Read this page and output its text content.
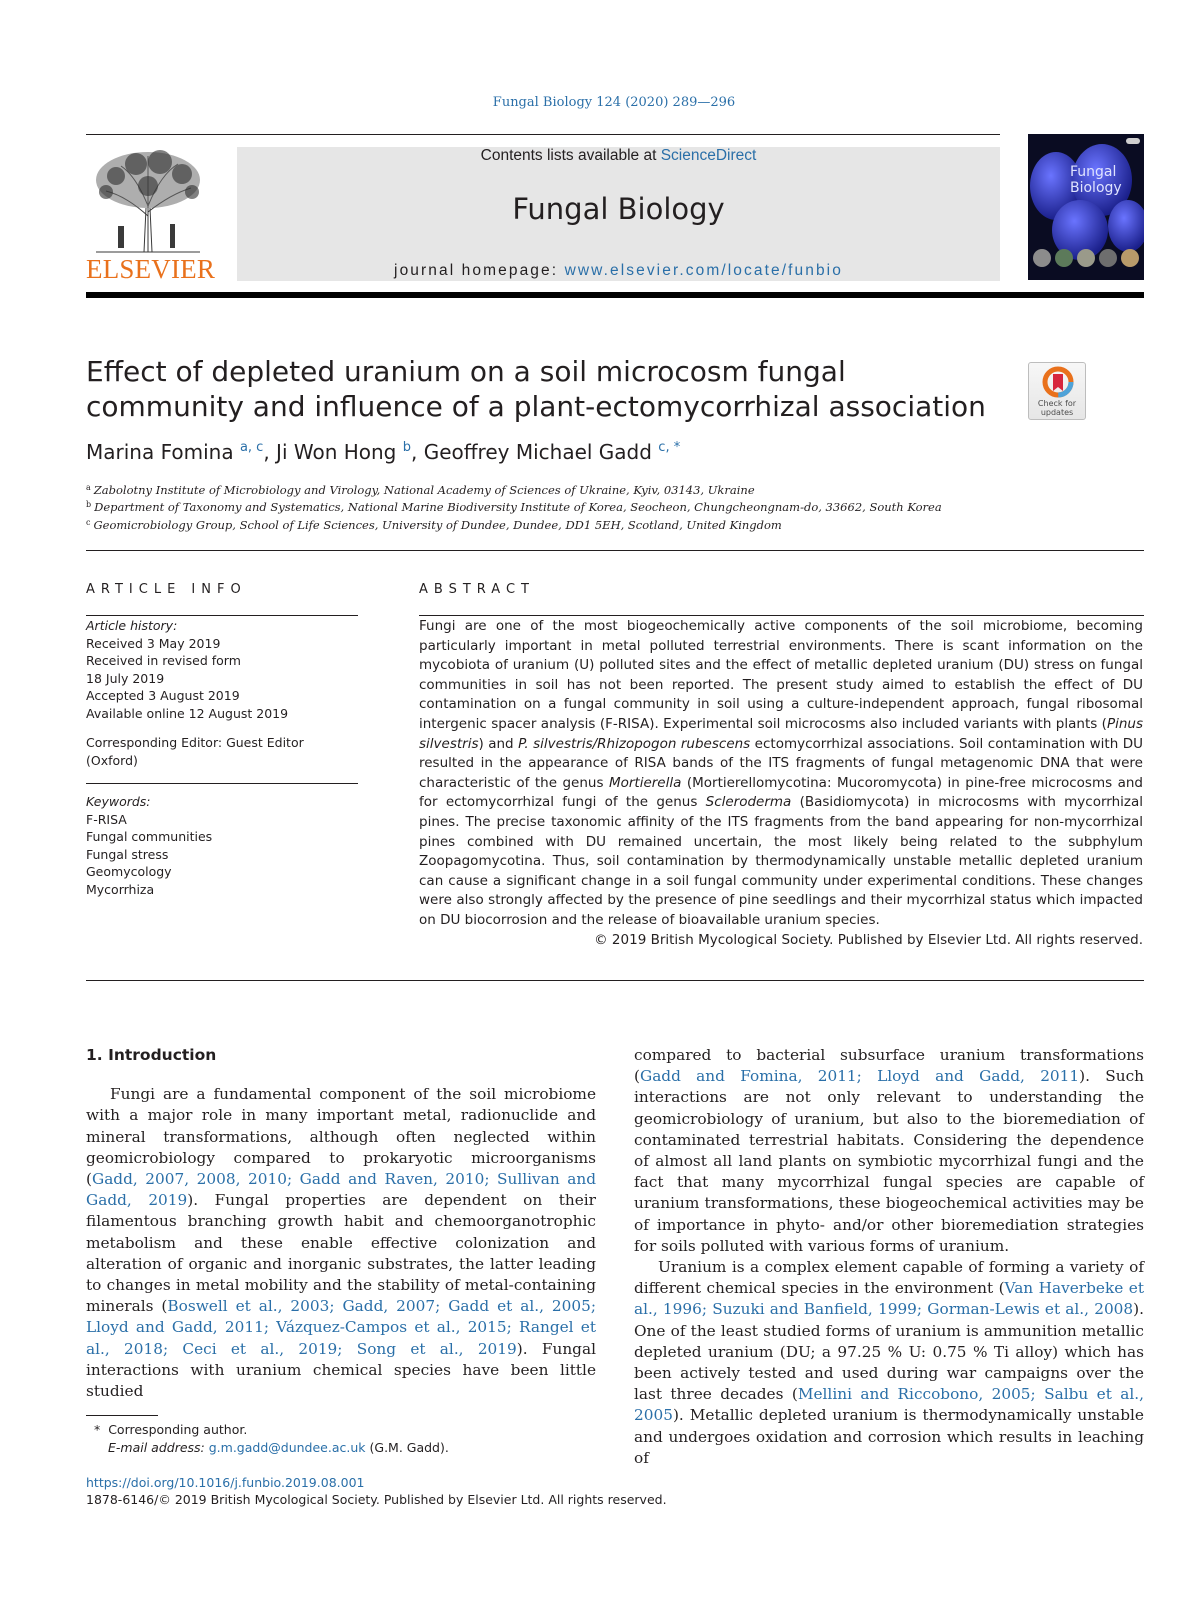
Fungal Biology 124 (2020) 289—296
ELSEVIER
Contents lists available at ScienceDirect
Fungal Biology
journal homepage: www.elsevier.com/locate/funbio
Fungal Biology
Effect of depleted uranium on a soil microcosm fungal community and influence of a plant-ectomycorrhizal association	Check for updates
Marina Fomina $^{a, c}$, Ji Won Hong $^b$, Geoffrey Michael Gadd $^{c, *}$
$^a$ Zabolotny Institute of Microbiology and Virology, National Academy of Sciences of Ukraine, Kyiv, 03143, Ukraine
$^b$ Department of Taxonomy and Systematics, National Marine Biodiversity Institute of Korea, Seocheon, Chungcheongnam-do, 33662, South Korea
$^c$ Geomicrobiology Group, School of Life Sciences, University of Dundee, Dundee, DD1 5EH, Scotland, United Kingdom
ARTICLE INFO
Article history:
Received 3 May 2019
Received in revised form
18 July 2019
Accepted 3 August 2019
Available online 12 August 2019
Corresponding Editor: Guest Editor (Oxford)
Keywords:
F-RISA
Fungal communities
Fungal stress
Geomycology
Mycorrhiza
ABSTRACT

Fungi are one of the most biogeochemically active components of the soil microbiome, becoming particularly important in metal polluted terrestrial environments. There is scant information on the mycobiota of uranium (U) polluted sites and the effect of metallic depleted uranium (DU) stress on fungal communities in soil has not been reported. The present study aimed to establish the effect of DU contamination on a fungal community in soil using a culture-independent approach, fungal ribosomal intergenic spacer analysis (F-RISA). Experimental soil microcosms also included variants with plants (Pinus silvestris) and P. silvestris/Rhizopogon rubescens ectomycorrhizal associations. Soil contamination with DU resulted in the appearance of RISA bands of the ITS fragments of fungal metagenomic DNA that were characteristic of the genus Mortierella (Mortierellomycotina: Mucoromycota) in pine-free microcosms and for ectomycorrhizal fungi of the genus Scleroderma (Basidiomycota) in microcosms with mycorrhizal pines. The precise taxonomic affinity of the ITS fragments from the band appearing for non-mycorrhizal pines combined with DU remained uncertain, the most likely being related to the subphylum Zoopagomycotina. Thus, soil contamination by thermodynamically unstable metallic depleted uranium can cause a significant change in a soil fungal community under experimental conditions. These changes were also strongly affected by the presence of pine seedlings and their mycorrhizal status which impacted on DU biocorrosion and the release of bioavailable uranium species.

© 2019 British Mycological Society. Published by Elsevier Ltd. All rights reserved.

1. Introduction

Fungi are a fundamental component of the soil microbiome with a major role in many important metal, radionuclide and mineral transformations, although often neglected within geomicrobiology compared to prokaryotic microorganisms (Gadd, 2007, 2008, 2010; Gadd and Raven, 2010; Sullivan and Gadd, 2019). Fungal properties are dependent on their filamentous branching growth habit and chemoorganotrophic metabolism and these enable effective colonization and alteration of organic and inorganic substrates, the latter leading to changes in metal mobility and the stability of metal-containing minerals (Boswell et al., 2003; Gadd, 2007; Gadd et al., 2005; Lloyd and Gadd, 2011; Vázquez-Campos et al., 2015; Rangel et al., 2018; Ceci et al., 2019; Song et al., 2019). Fungal interactions with uranium chemical species have been little studied

compared to bacterial subsurface uranium transformations (Gadd and Fomina, 2011; Lloyd and Gadd, 2011). Such interactions are not only relevant to understanding the geomicrobiology of uranium, but also to the bioremediation of contaminated terrestrial habitats. Considering the dependence of almost all land plants on symbiotic mycorrhizal fungi and the fact that many mycorrhizal fungal species are capable of uranium transformations, these biogeochemical activities may be of importance in phyto- and/or other bioremediation strategies for soils polluted with various forms of uranium.

Uranium is a complex element capable of forming a variety of different chemical species in the environment (Van Haverbeke et al., 1996; Suzuki and Banfield, 1999; Gorman-Lewis et al., 2008). One of the least studied forms of uranium is ammunition metallic depleted uranium (DU; a 97.25 % U: 0.75 % Ti alloy) which has been actively tested and used during war campaigns over the last three decades (Mellini and Riccobono, 2005; Salbu et al., 2005). Metallic depleted uranium is thermodynamically unstable and undergoes oxidation and corrosion which results in leaching of

* Corresponding author.
E-mail address: g.m.gadd@dundee.ac.uk (G.M. Gadd).
https://doi.org/10.1016/j.funbio.2019.08.001
1878-6146/© 2019 British Mycological Society. Published by Elsevier Ltd. All rights reserved.
